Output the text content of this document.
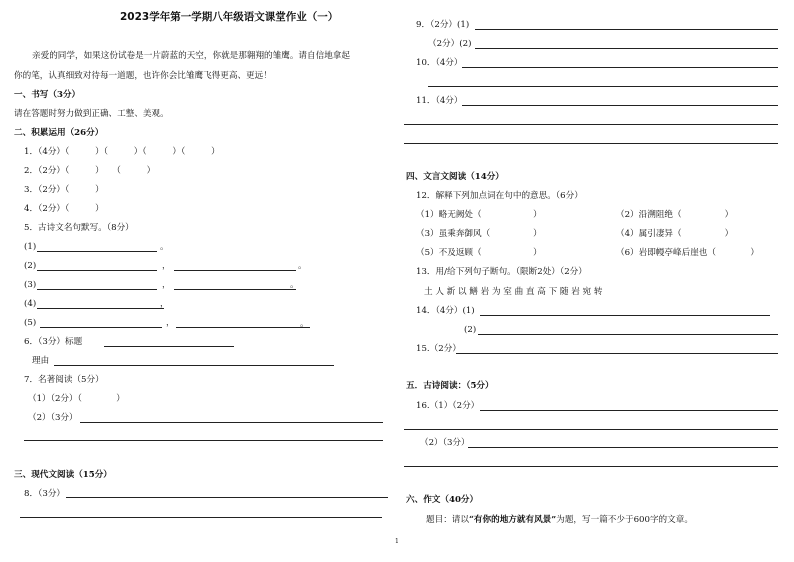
2023学年第一学期八年级语文课堂作业（一）
亲爱的同学，如果这份试卷是一片蔚蓝的天空，你就是那翱翔的雏鹰。请自信地拿起
你的笔，认真细致对待每一道题，也许你会比雏鹰飞得更高、更远！
一、书写（3分）
请在答题时努力做到正确、工整、美观。
二、积累运用（26分）
1．（4分）（　　　）（　　　）（　　　）（　　　）
2．（2分）（　　　）　　（　　　）
3．（2分）（　　　）
4．（2分）（　　　）
5．古诗文名句默写。（8分）
(1)	。
(2)	，	。
(3)	，	。
(4)	，
(5)	，	。
6．（3分）标题
理由
7．名著阅读（5分）
（1）（2分）（　　　　）
（2）（3分）
三、现代文阅读（15分）
8．（3分）
9．（2分）(1)
（2分）(2)
10．（4分）
11．（4分）
四、文言文阅读（14分）
12．解释下列加点词在句中的意思。（6分）
（1）略无阙处（　　　　　　）	（2）沿溯阻绝（　　　　　）
（3）虽乘奔御风（　　　　　）	（4）属引凄异（　　　　　）
（5）不及返顾（　　　　　　）	（6）岩即幔亭峰后崖也（　　　　）
13．用/给下列句子断句。（限断2处）（2分）
土 人 新 以 鳝 岩 为 室 曲 直 高 下 随 岩 宛 转
14．（4分）(1)
(2)
15.（2分）
五．古诗阅读：（5分）
16.（1）（2分）
（2）（3分）
六、作文（40分）
题目：请以“有你的地方就有风景”为题，写一篇不少于600字的文章。
1
